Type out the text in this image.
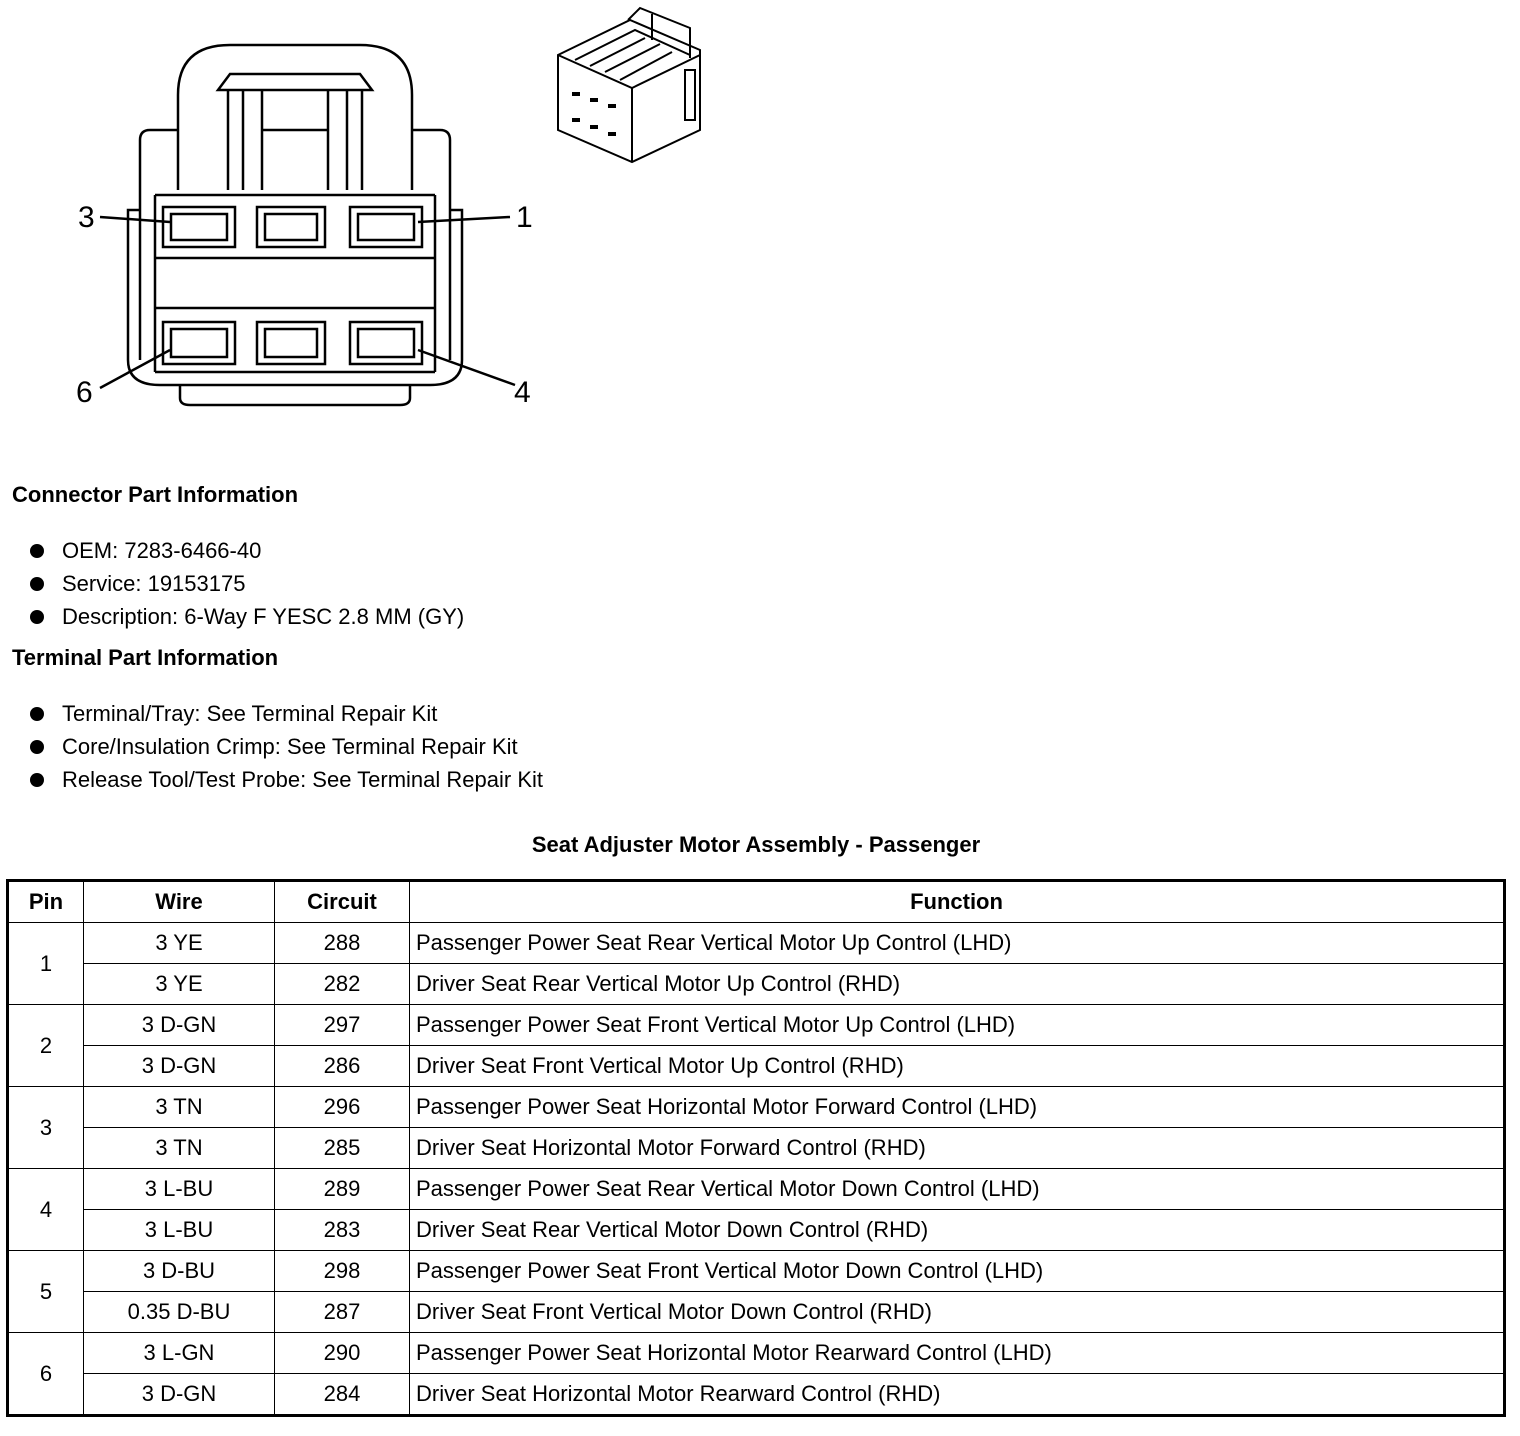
3	1
6	4
Connector Part Information
OEM: 7283-6466-40
Service: 19153175
Description: 6-Way F YESC 2.8 MM (GY)
Terminal Part Information
Terminal/Tray: See Terminal Repair Kit
Core/Insulation Crimp: See Terminal Repair Kit
Release Tool/Test Probe: See Terminal Repair Kit
Seat Adjuster Motor Assembly - Passenger
Pin	Wire	Circuit	Function
1	3 YE	288	Passenger Power Seat Rear Vertical Motor Up Control (LHD)
	3 YE	282	Driver Seat Rear Vertical Motor Up Control (RHD)
2	3 D-GN	297	Passenger Power Seat Front Vertical Motor Up Control (LHD)
	3 D-GN	286	Driver Seat Front Vertical Motor Up Control (RHD)
3	3 TN	296	Passenger Power Seat Horizontal Motor Forward Control (LHD)
	3 TN	285	Driver Seat Horizontal Motor Forward Control (RHD)
4	3 L-BU	289	Passenger Power Seat Rear Vertical Motor Down Control (LHD)
	3 L-BU	283	Driver Seat Rear Vertical Motor Down Control (RHD)
5	3 D-BU	298	Passenger Power Seat Front Vertical Motor Down Control (LHD)
	0.35 D-BU	287	Driver Seat Front Vertical Motor Down Control (RHD)
6	3 L-GN	290	Passenger Power Seat Horizontal Motor Rearward Control (LHD)
	3 D-GN	284	Driver Seat Horizontal Motor Rearward Control (RHD)
